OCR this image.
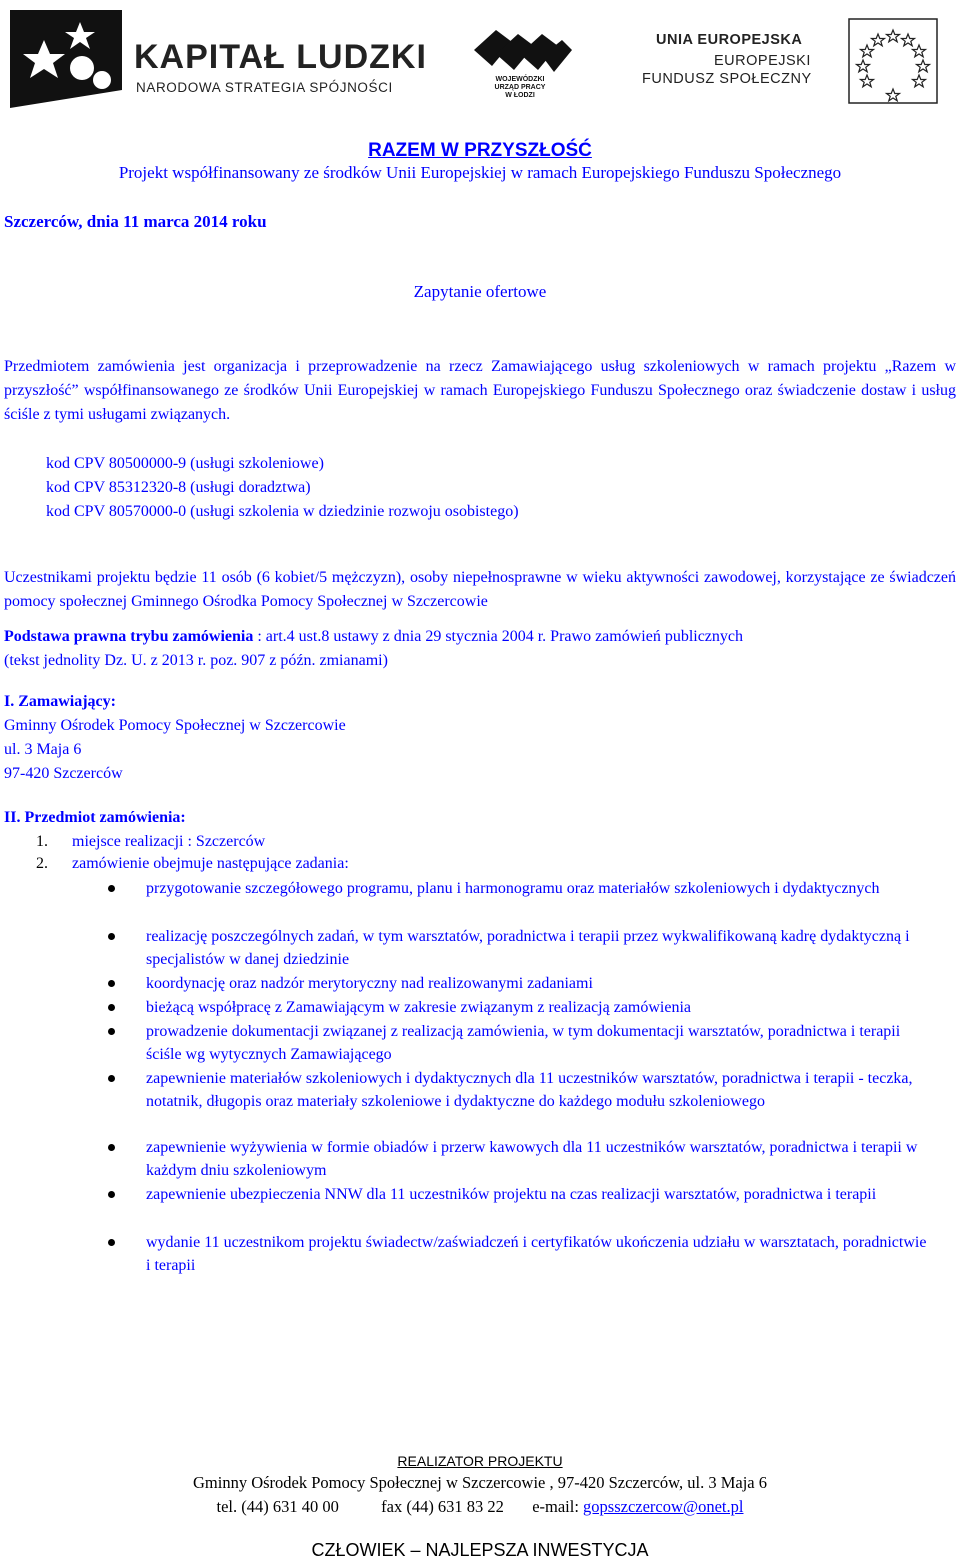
KAPITAŁ LUDZKI
NARODOWA STRATEGIA SPÓJNOŚCI
WOJEWÓDZKI
URZĄD PRACY
W ŁODZI
UNIA EUROPEJSKA
EUROPEJSKI
FUNDUSZ SPOŁECZNY
RAZEM W PRZYSZŁOŚĆ
Projekt współfinansowany ze środków Unii Europejskiej w ramach Europejskiego Funduszu Społecznego
Szczerców, dnia 11 marca 2014 roku
Zapytanie ofertowe
Przedmiotem zamówienia jest organizacja i przeprowadzenie na rzecz Zamawiającego usług szkoleniowych w ramach projektu „Razem w przyszłość” współfinansowanego ze środków Unii Europejskiej w ramach Europejskiego Funduszu Społecznego oraz świadczenie dostaw i usług ściśle z tymi usługami związanych.
kod CPV 80500000-9 (usługi szkoleniowe)
kod CPV 85312320-8 (usługi doradztwa)
kod CPV 80570000-0 (usługi szkolenia w dziedzinie rozwoju osobistego)
Uczestnikami projektu będzie 11 osób (6 kobiet/5 mężczyzn), osoby niepełnosprawne w wieku aktywności zawodowej, korzystające ze świadczeń pomocy społecznej Gminnego Ośrodka Pomocy Społecznej w Szczercowie
Podstawa prawna trybu zamówienia : art.4 ust.8 ustawy z dnia 29 stycznia 2004 r. Prawo zamówień publicznych
(tekst jednolity Dz. U. z 2013 r. poz. 907 z późn. zmianami)
I. Zamawiający:
Gminny Ośrodek Pomocy Społecznej w Szczercowie
ul. 3 Maja 6
97-420 Szczerców
II. Przedmiot zamówienia:
1. miejsce realizacji : Szczerców
2. zamówienie obejmuje następujące zadania:
przygotowanie szczegółowego programu, planu i harmonogramu oraz materiałów szkoleniowych i dydaktycznych
realizację poszczególnych zadań, w tym warsztatów, poradnictwa i terapii przez wykwalifikowaną kadrę dydaktyczną i specjalistów w danej dziedzinie
koordynację oraz nadzór merytoryczny nad realizowanymi zadaniami
bieżącą współpracę z Zamawiającym w zakresie związanym z realizacją zamówienia
prowadzenie dokumentacji związanej z realizacją zamówienia, w tym dokumentacji warsztatów, poradnictwa i terapii ściśle wg wytycznych Zamawiającego
zapewnienie materiałów szkoleniowych i dydaktycznych dla 11 uczestników warsztatów, poradnictwa i terapii - teczka, notatnik, długopis oraz materiały szkoleniowe i dydaktyczne do każdego modułu szkoleniowego
zapewnienie wyżywienia w formie obiadów i przerw kawowych dla 11 uczestników warsztatów, poradnictwa i terapii w każdym dniu szkoleniowym
zapewnienie ubezpieczenia NNW dla 11 uczestników projektu na czas realizacji warsztatów, poradnictwa i terapii
wydanie 11 uczestnikom projektu świadectw/zaświadczeń i certyfikatów ukończenia udziału w warsztatach, poradnictwie i terapii
REALIZATOR PROJEKTU
Gminny Ośrodek Pomocy Społecznej w Szczercowie , 97-420 Szczerców, ul. 3 Maja 6
tel. (44) 631 40 00	fax (44) 631 83 22 e-mail: gopsszczercow@onet.pl
CZŁOWIEK – NAJLEPSZA INWESTYCJA
